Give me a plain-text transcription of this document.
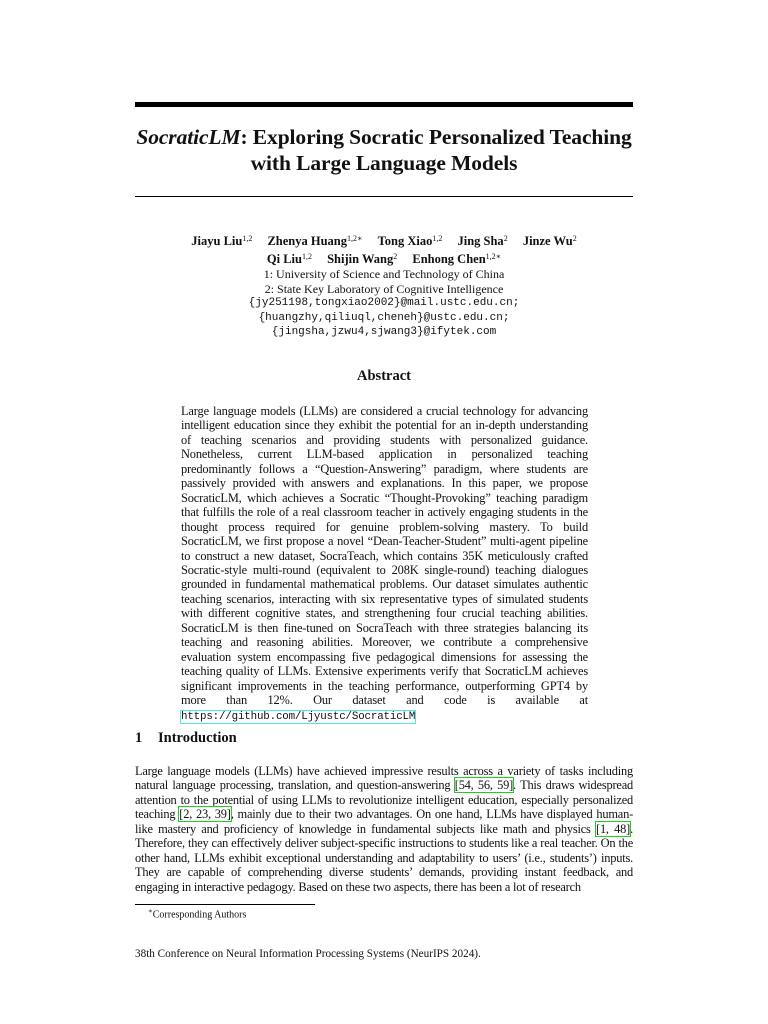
SocraticLM: Exploring Socratic Personalized Teaching
with Large Language Models
Jiayu Liu$^{1,2}$ Zhenya Huang$^{1,2∗}$ Tong Xiao$^{1,2}$ Jing Sha$^2$ Jinze Wu$^2$
Qi Liu$^{1,2}$ Shijin Wang$^2$ Enhong Chen$^{1,2∗}$
1: University of Science and Technology of China
2: State Key Laboratory of Cognitive Intelligence
{jy251198,tongxiao2002}@mail.ustc.edu.cn;
{huangzhy,qiliuql,cheneh}@ustc.edu.cn;
{jingsha,jzwu4,sjwang3}@ifytek.com
Abstract
Large language models (LLMs) are considered a crucial technology for advancing intelligent education since they exhibit the potential for an in-depth understanding of teaching scenarios and providing students with personalized guidance. Nonetheless, current LLM-based application in personalized teaching predominantly follows a “Question-Answering” paradigm, where students are passively provided with answers and explanations. In this paper, we propose SocraticLM, which achieves a Socratic “Thought-Provoking” teaching paradigm that fulfills the role of a real classroom teacher in actively engaging students in the thought process required for genuine problem-solving mastery. To build SocraticLM, we first propose a novel “Dean-Teacher-Student” multi-agent pipeline to construct a new dataset, SocraTeach, which contains 35K meticulously crafted Socratic-style multi-round (equivalent to 208K single-round) teaching dialogues grounded in fundamental mathematical problems. Our dataset simulates authentic teaching scenarios, interacting with six representative types of simulated students with different cognitive states, and strengthening four crucial teaching abilities. SocraticLM is then fine-tuned on SocraTeach with three strategies balancing its teaching and reasoning abilities. Moreover, we contribute a comprehensive evaluation system encompassing five pedagogical dimensions for assessing the teaching quality of LLMs. Extensive experiments verify that SocraticLM achieves significant improvements in the teaching performance, outperforming GPT4 by more than 12%. Our dataset and code is available at https://github.com/Ljyustc/SocraticLM
1 Introduction
Large language models (LLMs) have achieved impressive results across a variety of tasks including natural language processing, translation, and question-answering [54, 56, 59]. This draws widespread attention to the potential of using LLMs to revolutionize intelligent education, especially personalized teaching [2, 23, 39], mainly due to their two advantages. On one hand, LLMs have displayed human-like mastery and proficiency of knowledge in fundamental subjects like math and physics [1, 48]. Therefore, they can effectively deliver subject-specific instructions to students like a real teacher. On the other hand, LLMs exhibit exceptional understanding and adaptability to users’ (i.e., students’) inputs. They are capable of comprehending diverse students’ demands, providing instant feedback, and engaging in interactive pedagogy. Based on these two aspects, there has been a lot of research
∗Corresponding Authors
38th Conference on Neural Information Processing Systems (NeurIPS 2024).
